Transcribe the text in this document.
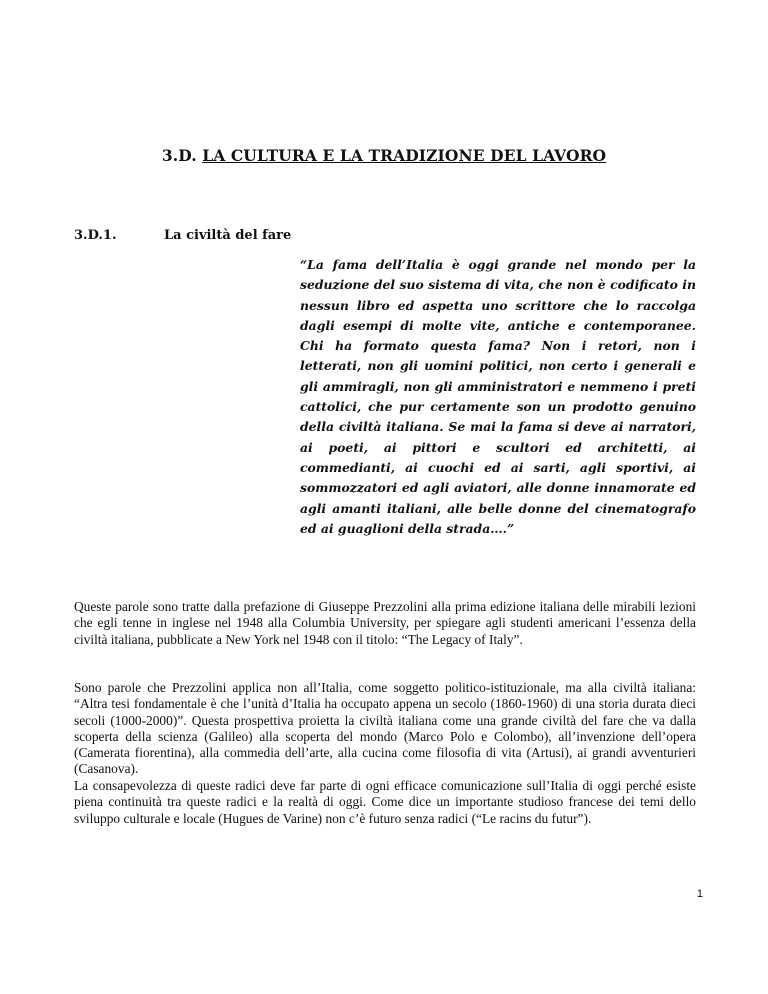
3.D. LA CULTURA E LA TRADIZIONE DEL LAVORO
3.D.1.	La civiltà del fare
“La fama dell’Italia è oggi grande nel mondo per la seduzione del suo sistema di vita, che non è codificato in nessun libro ed aspetta uno scrittore che lo raccolga dagli esempi di molte vite, antiche e contemporanee. Chi ha formato questa fama? Non i retori, non i letterati, non gli uomini politici, non certo i generali e gli ammiragli, non gli amministratori e nemmeno i preti cattolici, che pur certamente son un prodotto genuino della civiltà italiana. Se mai la fama si deve ai narratori, ai poeti, ai pittori e scultori ed architetti, ai commedianti, ai cuochi ed ai sarti, agli sportivi, ai sommozzatori ed agli aviatori, alle donne innamorate ed agli amanti italiani, alle belle donne del cinematografo ed ai guaglioni della strada….”

Queste parole sono tratte dalla prefazione di Giuseppe Prezzolini alla prima edizione italiana delle mirabili lezioni che egli tenne in inglese nel 1948 alla Columbia University, per spiegare agli studenti americani l’essenza della civiltà italiana, pubblicate a New York nel 1948 con il titolo: “The Legacy of Italy”.

Sono parole che Prezzolini applica non all’Italia, come soggetto politico-istituzionale, ma alla civiltà italiana: “Altra tesi fondamentale è che l’unità d’Italia ha occupato appena un secolo (1860-1960) di una storia durata dieci secoli (1000-2000)”. Questa prospettiva proietta la civiltà italiana come una grande civiltà del fare che va dalla scoperta della scienza (Galileo) alla scoperta del mondo (Marco Polo e Colombo), all’invenzione dell’opera (Camerata fiorentina), alla commedia dell’arte, alla cucina come filosofia di vita (Artusi), ai grandi avventurieri (Casanova).

La consapevolezza di queste radici deve far parte di ogni efficace comunicazione sull’Italia di oggi perché esiste piena continuità tra queste radici e la realtà di oggi. Come dice un importante studioso francese dei temi dello sviluppo culturale e locale (Hugues de Varine) non c’è futuro senza radici (“Le racins du futur”).

1
